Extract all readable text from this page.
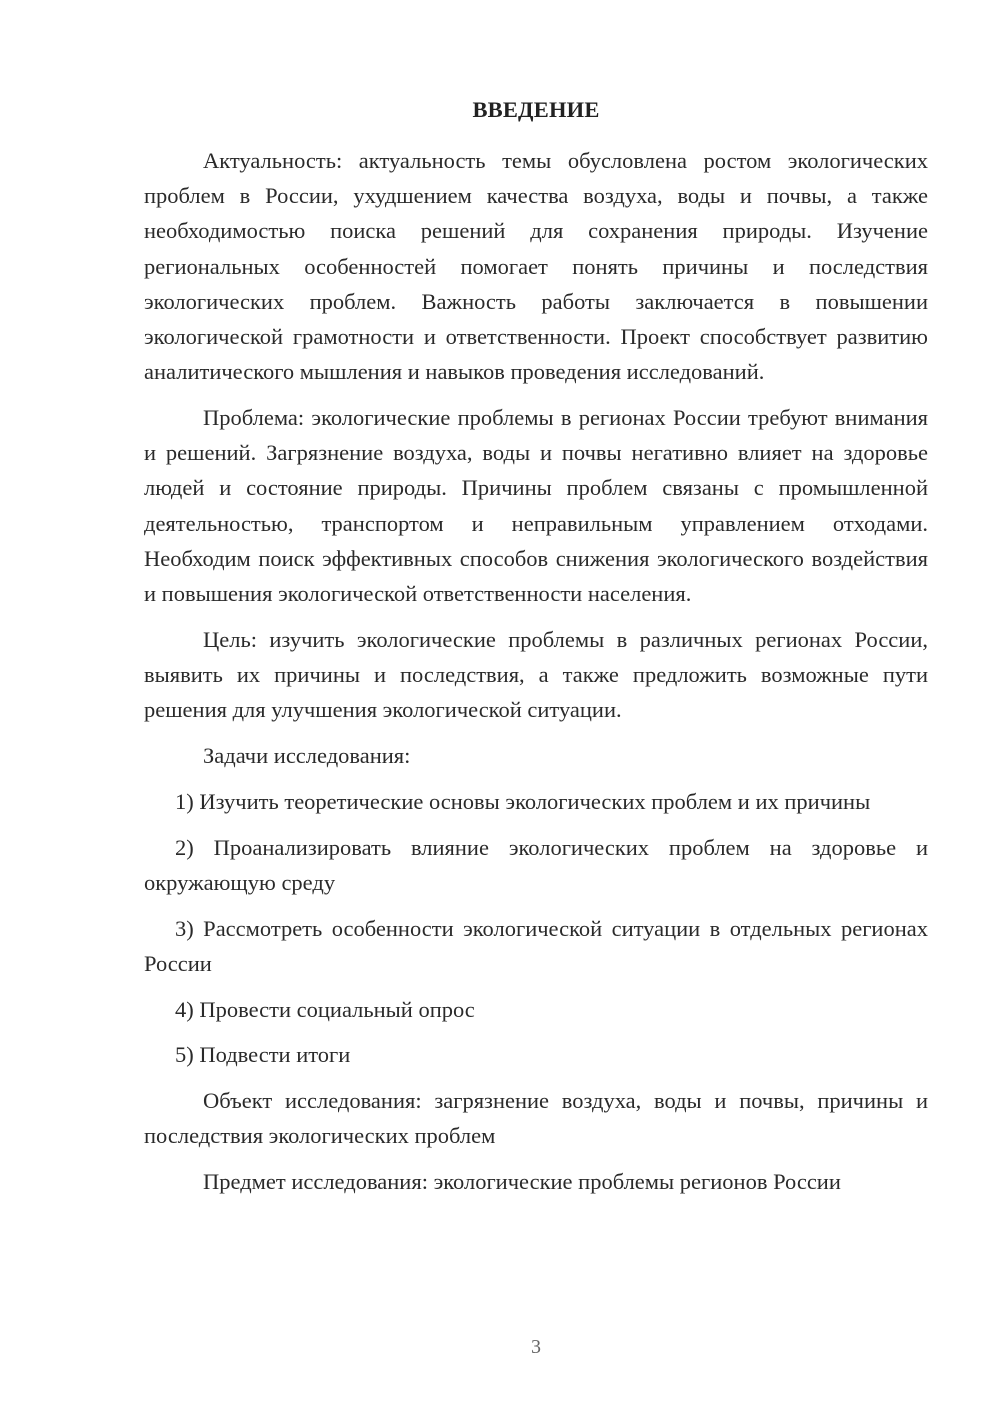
ВВЕДЕНИЕ

Актуальность: актуальность темы обусловлена ростом экологических проблем в России, ухудшением качества воздуха, воды и почвы, а также необходимостью поиска решений для сохранения природы. Изучение региональных особенностей помогает понять причины и последствия экологических проблем. Важность работы заключается в повышении экологической грамотности и ответственности. Проект способствует развитию аналитического мышления и навыков проведения исследований.

Проблема: экологические проблемы в регионах России требуют внимания и решений. Загрязнение воздуха, воды и почвы негативно влияет на здоровье людей и состояние природы. Причины проблем связаны с промышленной деятельностью, транспортом и неправильным управлением отходами. Необходим поиск эффективных способов снижения экологического воздействия и повышения экологической ответственности населения.

Цель: изучить экологические проблемы в различных регионах России, выявить их причины и последствия, а также предложить возможные пути решения для улучшения экологической ситуации.

Задачи исследования:

1) Изучить теоретические основы экологических проблем и их причины

2) Проанализировать влияние экологических проблем на здоровье и окружающую среду

3) Рассмотреть особенности экологической ситуации в отдельных регионах России

4) Провести социальный опрос

5) Подвести итоги

Объект исследования: загрязнение воздуха, воды и почвы, причины и последствия экологических проблем

Предмет исследования: экологические проблемы регионов России

3
